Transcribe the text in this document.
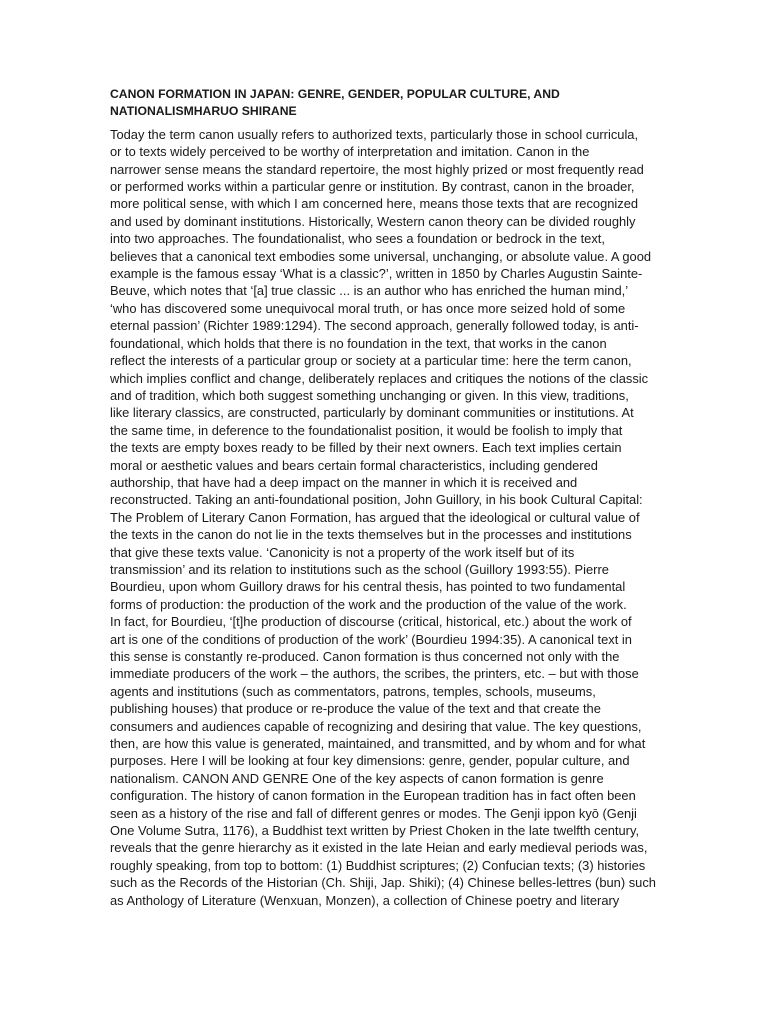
CANON FORMATION IN JAPAN: GENRE, GENDER, POPULAR CULTURE, AND
NATIONALISMHARUO SHIRANE

Today the term canon usually refers to authorized texts, particularly those in school curricula,
or to texts widely perceived to be worthy of interpretation and imitation. Canon in the
narrower sense means the standard repertoire, the most highly prized or most frequently read
or performed works within a particular genre or institution. By contrast, canon in the broader,
more political sense, with which I am concerned here, means those texts that are recognized
and used by dominant institutions. Historically, Western canon theory can be divided roughly
into two approaches. The foundationalist, who sees a foundation or bedrock in the text,
believes that a canonical text embodies some universal, unchanging, or absolute value. A good
example is the famous essay ‘What is a classic?’, written in 1850 by Charles Augustin Sainte-
Beuve, which notes that ‘[a] true classic ... is an author who has enriched the human mind,’
‘who has discovered some unequivocal moral truth, or has once more seized hold of some
eternal passion’ (Richter 1989:1294). The second approach, generally followed today, is anti-
foundational, which holds that there is no foundation in the text, that works in the canon
reflect the interests of a particular group or society at a particular time: here the term canon,
which implies conflict and change, deliberately replaces and critiques the notions of the classic
and of tradition, which both suggest something unchanging or given. In this view, traditions,
like literary classics, are constructed, particularly by dominant communities or institutions. At
the same time, in deference to the foundationalist position, it would be foolish to imply that
the texts are empty boxes ready to be filled by their next owners. Each text implies certain
moral or aesthetic values and bears certain formal characteristics, including gendered
authorship, that have had a deep impact on the manner in which it is received and
reconstructed. Taking an anti-foundational position, John Guillory, in his book Cultural Capital:
The Problem of Literary Canon Formation, has argued that the ideological or cultural value of
the texts in the canon do not lie in the texts themselves but in the processes and institutions
that give these texts value. ‘Canonicity is not a property of the work itself but of its
transmission’ and its relation to institutions such as the school (Guillory 1993:55). Pierre
Bourdieu, upon whom Guillory draws for his central thesis, has pointed to two fundamental
forms of production: the production of the work and the production of the value of the work.
In fact, for Bourdieu, ‘[t]he production of discourse (critical, historical, etc.) about the work of
art is one of the conditions of production of the work’ (Bourdieu 1994:35). A canonical text in
this sense is constantly re-produced. Canon formation is thus concerned not only with the
immediate producers of the work – the authors, the scribes, the printers, etc. – but with those
agents and institutions (such as commentators, patrons, temples, schools, museums,
publishing houses) that produce or re-produce the value of the text and that create the
consumers and audiences capable of recognizing and desiring that value. The key questions,
then, are how this value is generated, maintained, and transmitted, and by whom and for what
purposes. Here I will be looking at four key dimensions: genre, gender, popular culture, and
nationalism. CANON AND GENRE One of the key aspects of canon formation is genre
configuration. The history of canon formation in the European tradition has in fact often been
seen as a history of the rise and fall of different genres or modes. The Genji ippon kyō (Genji
One Volume Sutra, 1176), a Buddhist text written by Priest Choken in the late twelfth century,
reveals that the genre hierarchy as it existed in the late Heian and early medieval periods was,
roughly speaking, from top to bottom: (1) Buddhist scriptures; (2) Confucian texts; (3) histories
such as the Records of the Historian (Ch. Shiji, Jap. Shiki); (4) Chinese belles-lettres (bun) such
as Anthology of Literature (Wenxuan, Monzen), a collection of Chinese poetry and literary
